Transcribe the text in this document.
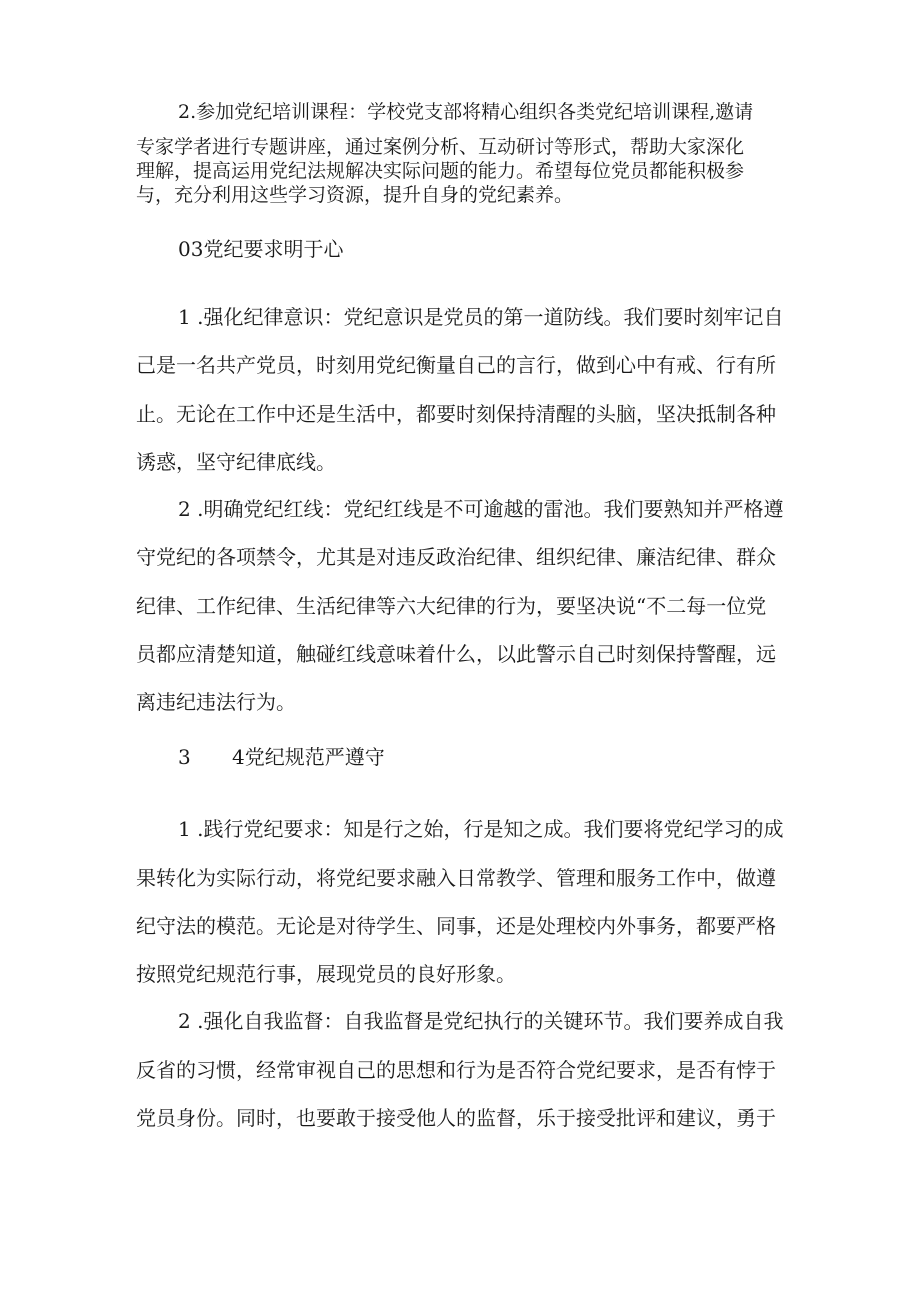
2.参加党纪培训课程：学校党支部将精心组织各类党纪培训课程,邀请
专家学者进行专题讲座，通过案例分析、互动研讨等形式，帮助大家深化
理解，提高运用党纪法规解决实际问题的能力。希望每位党员都能积极参
与，充分利用这些学习资源，提升自身的党纪素养。
03党纪要求明于心
1 .强化纪律意识：党纪意识是党员的第一道防线。我们要时刻牢记自
己是一名共产党员，时刻用党纪衡量自己的言行，做到心中有戒、行有所
止。无论在工作中还是生活中，都要时刻保持清醒的头脑，坚决抵制各种
诱惑，坚守纪律底线。
2 .明确党纪红线：党纪红线是不可逾越的雷池。我们要熟知并严格遵
守党纪的各项禁令，尤其是对违反政治纪律、组织纪律、廉洁纪律、群众
纪律、工作纪律、生活纪律等六大纪律的行为，要坚决说“不二每一位党
员都应清楚知道，触碰红线意味着什么，以此警示自己时刻保持警醒，远
离违纪违法行为。
3 4党纪规范严遵守
1 .践行党纪要求：知是行之始，行是知之成。我们要将党纪学习的成
果转化为实际行动，将党纪要求融入日常教学、管理和服务工作中，做遵
纪守法的模范。无论是对待学生、同事，还是处理校内外事务，都要严格
按照党纪规范行事，展现党员的良好形象。
2 .强化自我监督：自我监督是党纪执行的关键环节。我们要养成自我
反省的习惯，经常审视自己的思想和行为是否符合党纪要求，是否有悖于
党员身份。同时，也要敢于接受他人的监督，乐于接受批评和建议，勇于
